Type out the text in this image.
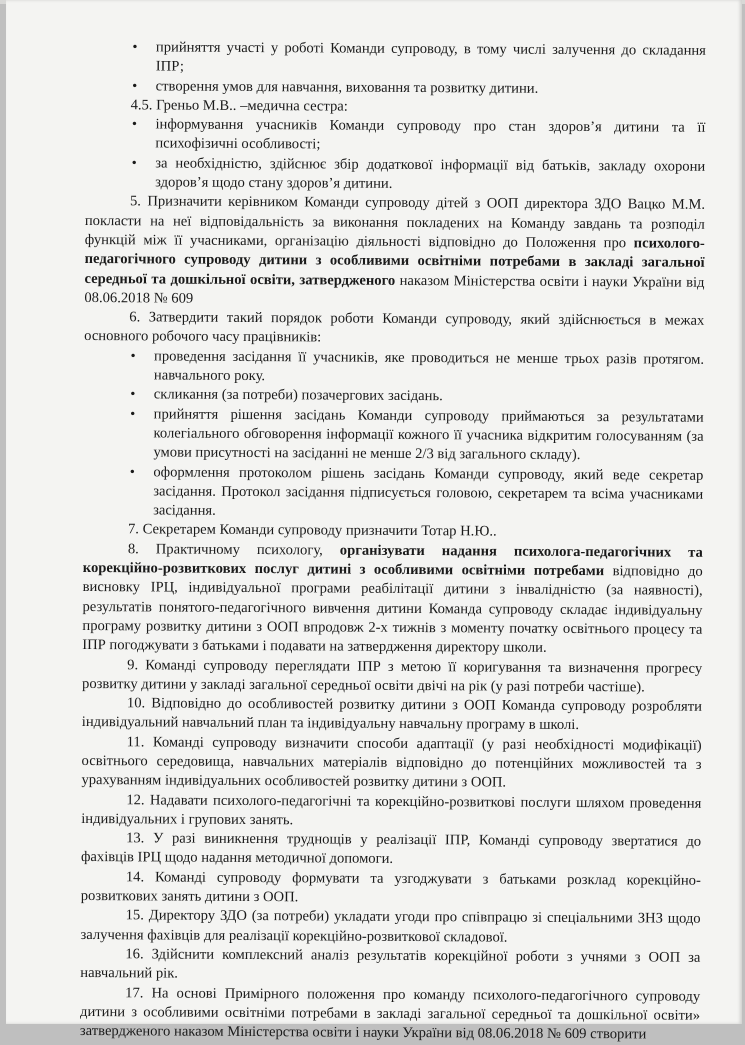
•	прийняття участі у роботі Команди супроводу, в тому числі залучення до складання ІПР;
•	створення умов для навчання, виховання та розвитку дитини.

4.5. Греньо М.В.. –медична сестра:

•	інформування учасників Команди супроводу про стан здоров’я дитини та її психофізичні особливості;
•	за необхідністю, здійснює збір додаткової інформації від батьків, закладу охорони здоров’я щодо стану здоров’я дитини.

5. Призначити керівником Команди супроводу дітей з ООП директора ЗДО Вацко М.М. покласти на неї відповідальність за виконання покладених на Команду завдань та розподіл функцій між її учасниками, організацію діяльності відповідно до Положення про психолого-педагогічного супроводу дитини з особливими освітніми потребами в закладі загальної середньої та дошкільної освіти, затвердженого наказом Міністерства освіти і науки України від 08.06.2018 № 609

6. Затвердити такий порядок роботи Команди супроводу, який здійснюється в межах основного робочого часу працівників:

•	проведення засідання її учасників, яке проводиться не менше трьох разів протягом. навчального року.
•	скликання (за потреби) позачергових засідань.
•	прийняття рішення засідань Команди супроводу приймаються за результатами колегіального обговорення інформації кожного її учасника відкритим голосуванням (за умови присутності на засіданні не менше 2/3 від загального складу).
•	оформлення протоколом рішень засідань Команди супроводу, який веде секретар засідання. Протокол засідання підписується головою, секретарем та всіма учасниками засідання.

7. Секретарем Команди супроводу призначити Тотар Н.Ю..

8. Практичному психологу, організувати надання психолога-педагогічних та корекційно-розвиткових послуг дитині з особливими освітніми потребами відповідно до висновку ІРЦ, індивідуальної програми реабілітації дитини з інвалідністю (за наявності), результатів понятого-педагогічного вивчення дитини Команда супроводу складає індивідуальну програму розвитку дитини з ООП впродовж 2-х тижнів з моменту початку освітнього процесу та ІПР погоджувати з батьками і подавати на затвердження директору школи.

9. Команді супроводу переглядати ІПР з метою її коригування та визначення прогресу розвитку дитини у закладі загальної середньої освіти двічі на рік (у разі потреби частіше).

10. Відповідно до особливостей розвитку дитини з ООП Команда супроводу розробляти індивідуальний навчальний план та індивідуальну навчальну програму в школі.

11. Команді супроводу визначити способи адаптації (у разі необхідності модифікації) освітнього середовища, навчальних матеріалів відповідно до потенційних можливостей та з урахуванням індивідуальних особливостей розвитку дитини з ООП.

12. Надавати психолого-педагогічні та корекційно-розвиткові послуги шляхом проведення індивідуальних і групових занять.

13. У разі виникнення труднощів у реалізації ІПР, Команді супроводу звертатися до фахівців ІРЦ щодо надання методичної допомоги.

14. Команді супроводу формувати та узгоджувати з батьками розклад корекційно-розвиткових занять дитини з ООП.

15. Директору ЗДО (за потреби) укладати угоди про співпрацю зі спеціальними ЗНЗ щодо залучення фахівців для реалізації корекційно-розвиткової складової.

16. Здійснити комплексний аналіз результатів корекційної роботи з учнями з ООП за навчальний рік.

17. На основі Примірного положення про команду психолого-педагогічного супроводу дитини з особливими освітніми потребами в закладі загальної середньої та дошкільної освіти» затвердженого наказом Міністерства освіти і науки України від 08.06.2018 № 609 створити
